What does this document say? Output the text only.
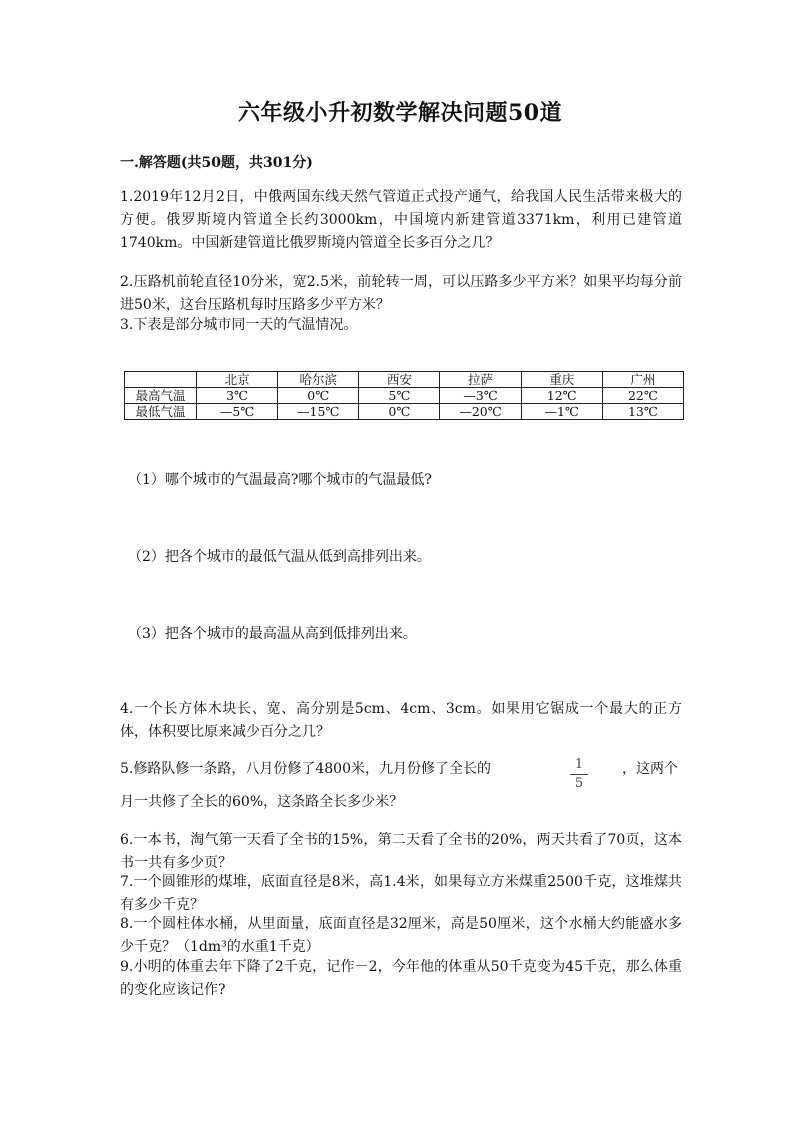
六年级小升初数学解决问题50道
一.解答题(共50题，共301分)
1.2019年12月2日，中俄两国东线天然气管道正式投产通气，给我国人民生活带来极大的方便。俄罗斯境内管道全长约3000km，中国境内新建管道3371km，利用已建管道1740km。中国新建管道比俄罗斯境内管道全长多百分之几？
2.压路机前轮直径10分米，宽2.5米，前轮转一周，可以压路多少平方米？如果平均每分前进50米，这台压路机每时压路多少平方米？
3.下表是部分城市同一天的气温情况。
	北京	哈尔滨	西安	拉萨	重庆	广州
最高气温	3℃	0℃	5℃	—3℃	12℃	22℃
最低气温	—5℃	—15℃	0℃	—20℃	—1℃	13℃
（1）哪个城市的气温最高?哪个城市的气温最低?
（2）把各个城市的最低气温从低到高排列出来。
（3）把各个城市的最高温从高到低排列出来。
4.一个长方体木块长、宽、高分别是5cm、4cm、3cm。如果用它锯成一个最大的正方体，体积要比原来减少百分之几？
5.修路队修一条路，八月份修了4800米，九月份修了全长的	1
5
，这两个
月一共修了全长的60%，这条路全长多少米？
6.一本书，淘气第一天看了全书的15%，第二天看了全书的20%，两天共看了70页，这本书一共有多少页？
7.一个圆锥形的煤堆，底面直径是8米，高1.4米，如果每立方米煤重2500千克，这堆煤共有多少千克？
8.一个圆柱体水桶，从里面量，底面直径是32厘米，高是50厘米，这个水桶大约能盛水多少千克？（1dm³的水重1千克）
9.小明的体重去年下降了2千克，记作－2，今年他的体重从50千克变为45千克，那么体重的变化应该记作?
